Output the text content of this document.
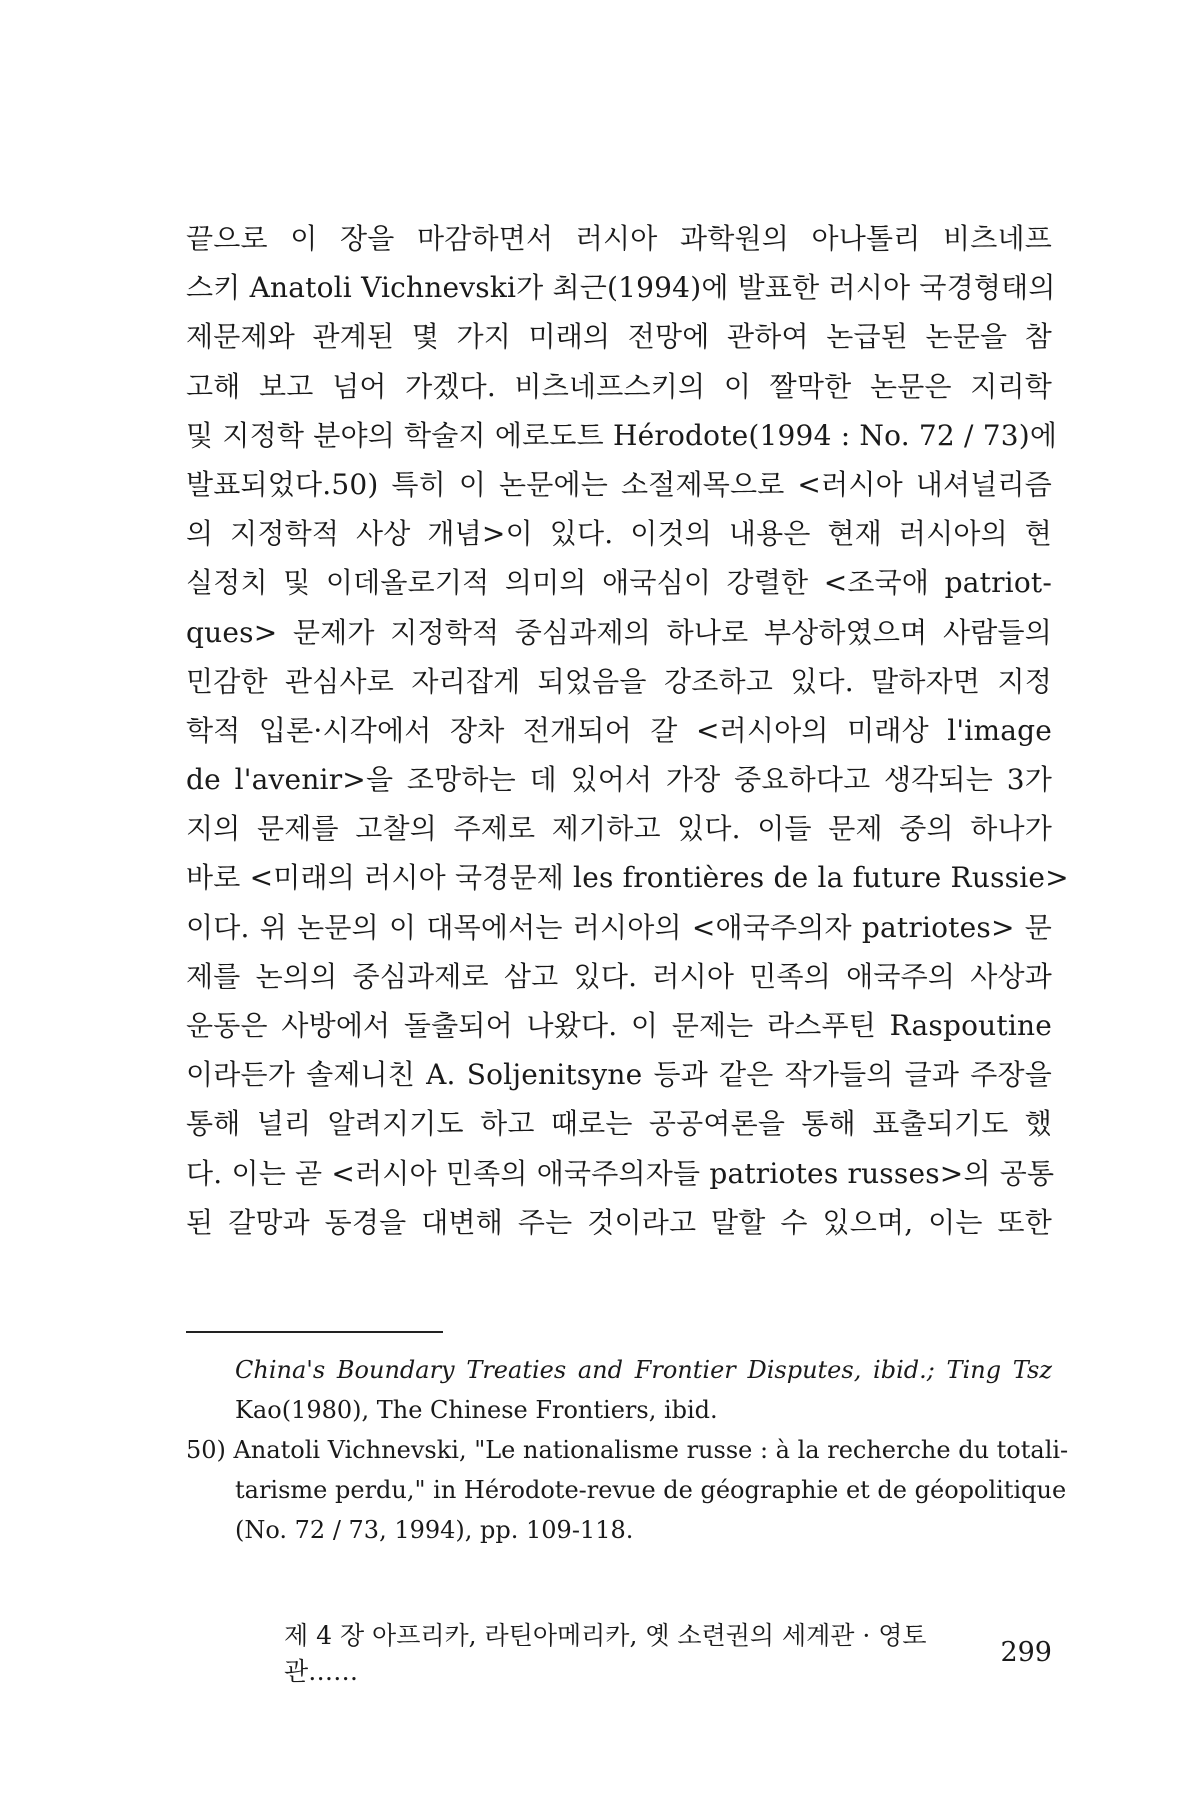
끝으로 이 장을 마감하면서 러시아 과학원의 아나톨리 비츠네프
스키 Anatoli Vichnevski가 최근(1994)에 발표한 러시아 국경형태의
제문제와 관계된 몇 가지 미래의 전망에 관하여 논급된 논문을 참
고해 보고 넘어 가겠다. 비츠네프스키의 이 짤막한 논문은 지리학
및 지정학 분야의 학술지 에로도트 Hérodote(1994 : No. 72 / 73)에
발표되었다.50) 특히 이 논문에는 소절제목으로 <러시아 내셔널리즘
의 지정학적 사상 개념>이 있다. 이것의 내용은 현재 러시아의 현
실정치 및 이데올로기적 의미의 애국심이 강렬한 <조국애 patriot-
ques> 문제가 지정학적 중심과제의 하나로 부상하였으며 사람들의
민감한 관심사로 자리잡게 되었음을 강조하고 있다. 말하자면 지정
학적 입론·시각에서 장차 전개되어 갈 <러시아의 미래상 l'image
de l'avenir>을 조망하는 데 있어서 가장 중요하다고 생각되는 3가
지의 문제를 고찰의 주제로 제기하고 있다. 이들 문제 중의 하나가
바로 <미래의 러시아 국경문제 les frontières de la future Russie>
이다. 위 논문의 이 대목에서는 러시아의 <애국주의자 patriotes> 문
제를 논의의 중심과제로 삼고 있다. 러시아 민족의 애국주의 사상과
운동은 사방에서 돌출되어 나왔다. 이 문제는 라스푸틴 Raspoutine
이라든가 솔제니친 A. Soljenitsyne 등과 같은 작가들의 글과 주장을
통해 널리 알려지기도 하고 때로는 공공여론을 통해 표출되기도 했
다. 이는 곧 <러시아 민족의 애국주의자들 patriotes russes>의 공통
된 갈망과 동경을 대변해 주는 것이라고 말할 수 있으며, 이는 또한
China's Boundary Treaties and Frontier Disputes, ibid.; Ting Tsz
Kao(1980), The Chinese Frontiers, ibid.
50) Anatoli Vichnevski, "Le nationalisme russe : à la recherche du totali-
tarisme perdu," in Hérodote-revue de géographie et de géopolitique
(No. 72 / 73, 1994), pp. 109-118.
제 4 장 아프리카, 라틴아메리카, 옛 소련권의 세계관 · 영토관……
299
